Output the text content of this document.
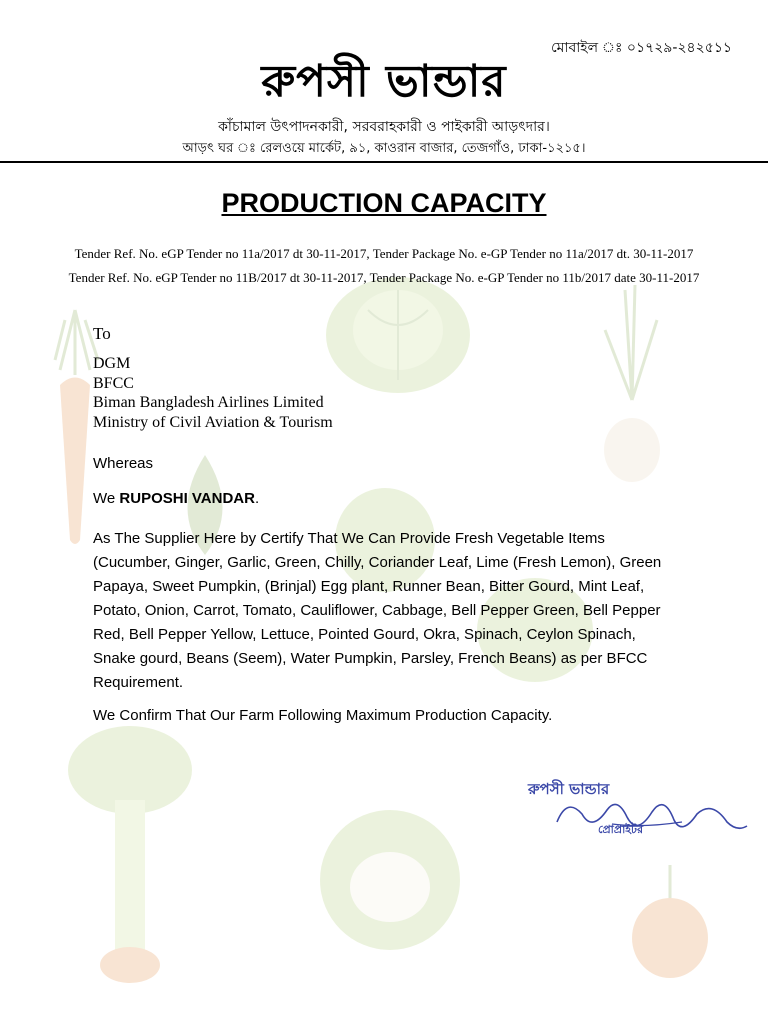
মোবাইল ঃ ০১৭২৯-২৪২৫১১
রুপসী ভান্ডার
কাঁচামাল উৎপাদনকারী, সরবরাহকারী ও পাইকারী আড়ৎদার।
আড়ৎ ঘর ঃ রেলওয়ে মার্কেট, ৯১, কাওরান বাজার, তেজগাঁও, ঢাকা-১২১৫।
PRODUCTION CAPACITY
Tender Ref. No. eGP Tender no 11a/2017 dt 30-11-2017, Tender Package No. e-GP Tender no 11a/2017 dt. 30-11-2017
Tender Ref. No. eGP Tender no 11B/2017 dt 30-11-2017, Tender Package No. e-GP Tender no 11b/2017 date 30-11-2017
To
DGM
BFCC
Biman Bangladesh Airlines Limited
Ministry of Civil Aviation & Tourism
Whereas
We RUPOSHI VANDAR.
As The Supplier Here by Certify That We Can Provide Fresh Vegetable Items (Cucumber, Ginger, Garlic, Green, Chilly, Coriander Leaf, Lime (Fresh Lemon), Green Papaya, Sweet Pumpkin, (Brinjal) Egg plant, Runner Bean, Bitter Gourd, Mint Leaf, Potato, Onion, Carrot, Tomato, Cauliflower, Cabbage, Bell Pepper Green, Bell Pepper Red, Bell Pepper Yellow, Lettuce, Pointed Gourd, Okra, Spinach, Ceylon Spinach, Snake gourd, Beans (Seem), Water Pumpkin, Parsley, French Beans) as per BFCC Requirement.
We Confirm That Our Farm Following Maximum Production Capacity.
রুপসী ভান্ডার
প্রোপ্রাইটর
